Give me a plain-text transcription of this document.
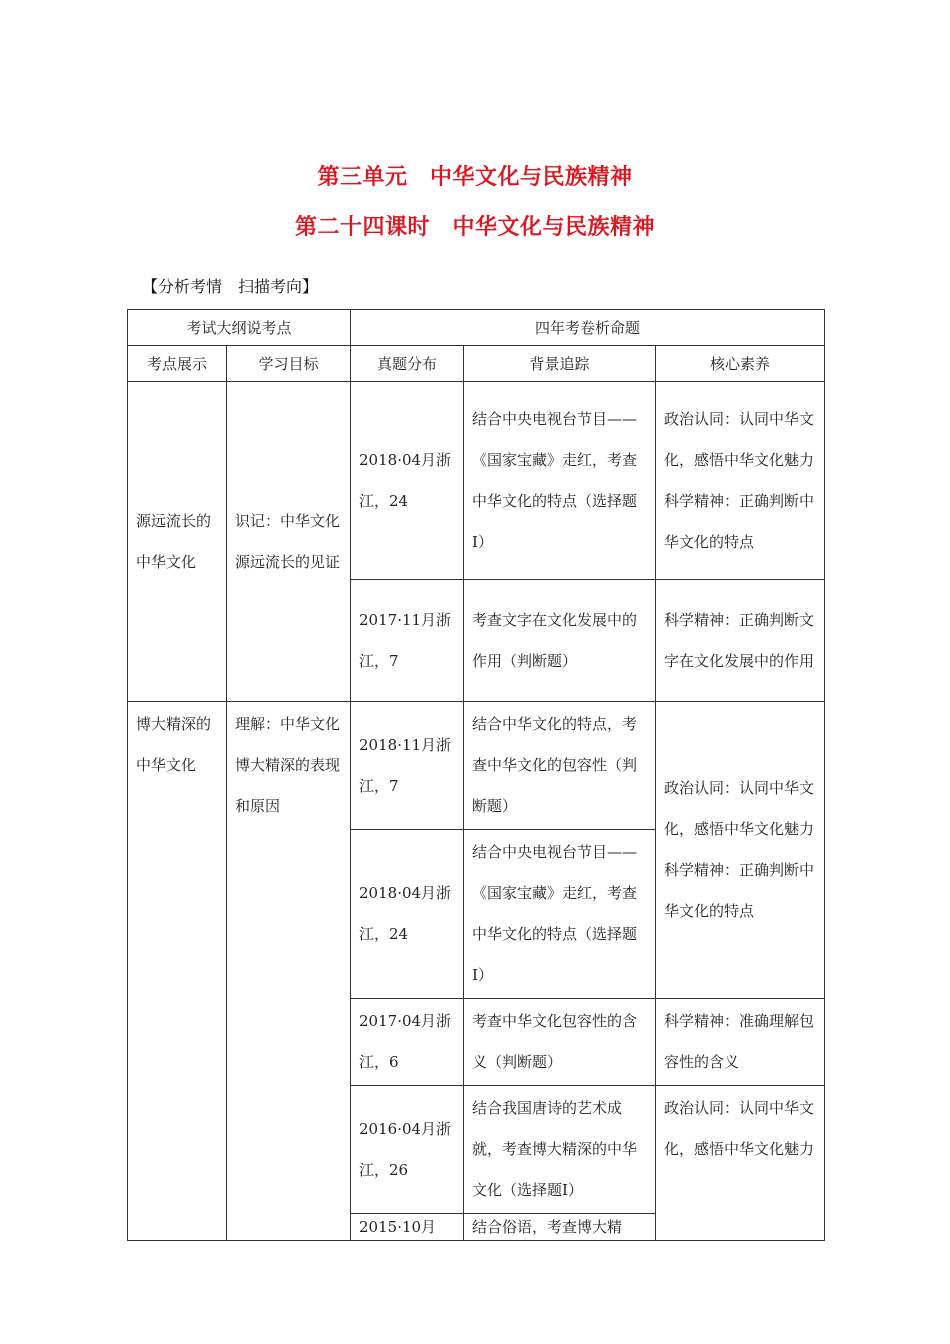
第三单元　中华文化与民族精神
第二十四课时　中华文化与民族精神
【分析考情　扫描考向】
考试大纲说考点		四年考卷析命题		
考点展示	学习目标	真题分布	背景追踪	核心素养
源远流长的中华文化	识记：中华文化源远流长的见证	2018·04月浙江，24	结合中央电视台节目——《国家宝藏》走红，考查中华文化的特点（选择题Ⅰ）	政治认同：认同中华文化，感悟中华文化魅力科学精神：正确判断中华文化的特点
		2017·11月浙江，7	考查文字在文化发展中的作用（判断题）	科学精神：正确判断文字在文化发展中的作用
博大精深的中华文化	理解：中华文化博大精深的表现和原因	2018·11月浙江，7	结合中华文化的特点，考查中华文化的包容性（判断题）	政治认同：认同中华文化，感悟中华文化魅力科学精神：正确判断中华文化的特点
		2018·04月浙江，24	结合中央电视台节目——《国家宝藏》走红，考查中华文化的特点（选择题Ⅰ）	
		2017·04月浙江，6	考查中华文化包容性的含义（判断题）	科学精神：准确理解包容性的含义
		2016·04月浙江，26	结合我国唐诗的艺术成就，考查博大精深的中华文化（选择题Ⅰ）	政治认同：认同中华文化，感悟中华文化魅力
		2015·10月	结合俗语，考查博大精	
